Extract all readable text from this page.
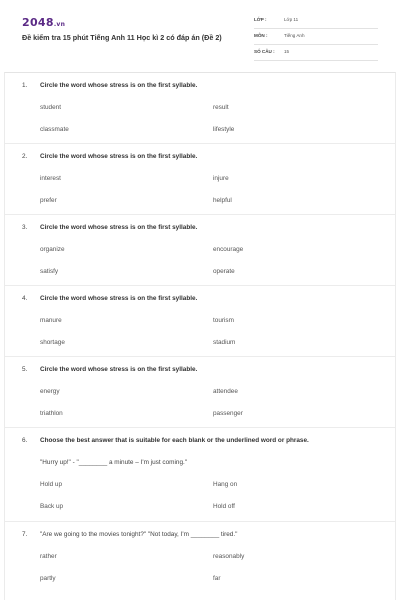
2048.vn
Đề kiểm tra 15 phút Tiếng Anh 11 Học kì 2 có đáp án (Đề 2)
LỚP :	Lớp 11
MÔN :	Tiếng Anh
SỐ CÂU : 15
1. Circle the word whose stress is on the first syllable.
student	result
classmate	lifestyle
2. Circle the word whose stress is on the first syllable.
interest	injure
prefer	helpful
3. Circle the word whose stress is on the first syllable.
organize	encourage
satisfy	operate
4. Circle the word whose stress is on the first syllable.
manure	tourism
shortage	stadium
5. Circle the word whose stress is on the first syllable.
energy	attendee
triathlon	passenger
6. Choose the best answer that is suitable for each blank or the underlined word or phrase.
"Hurry up!" - "________ a minute – I'm just coming."
Hold up	Hang on
Back up	Hold off
7. "Are we going to the movies tonight?" "Not today, I'm ________ tired."
rather	reasonably
partly	far
